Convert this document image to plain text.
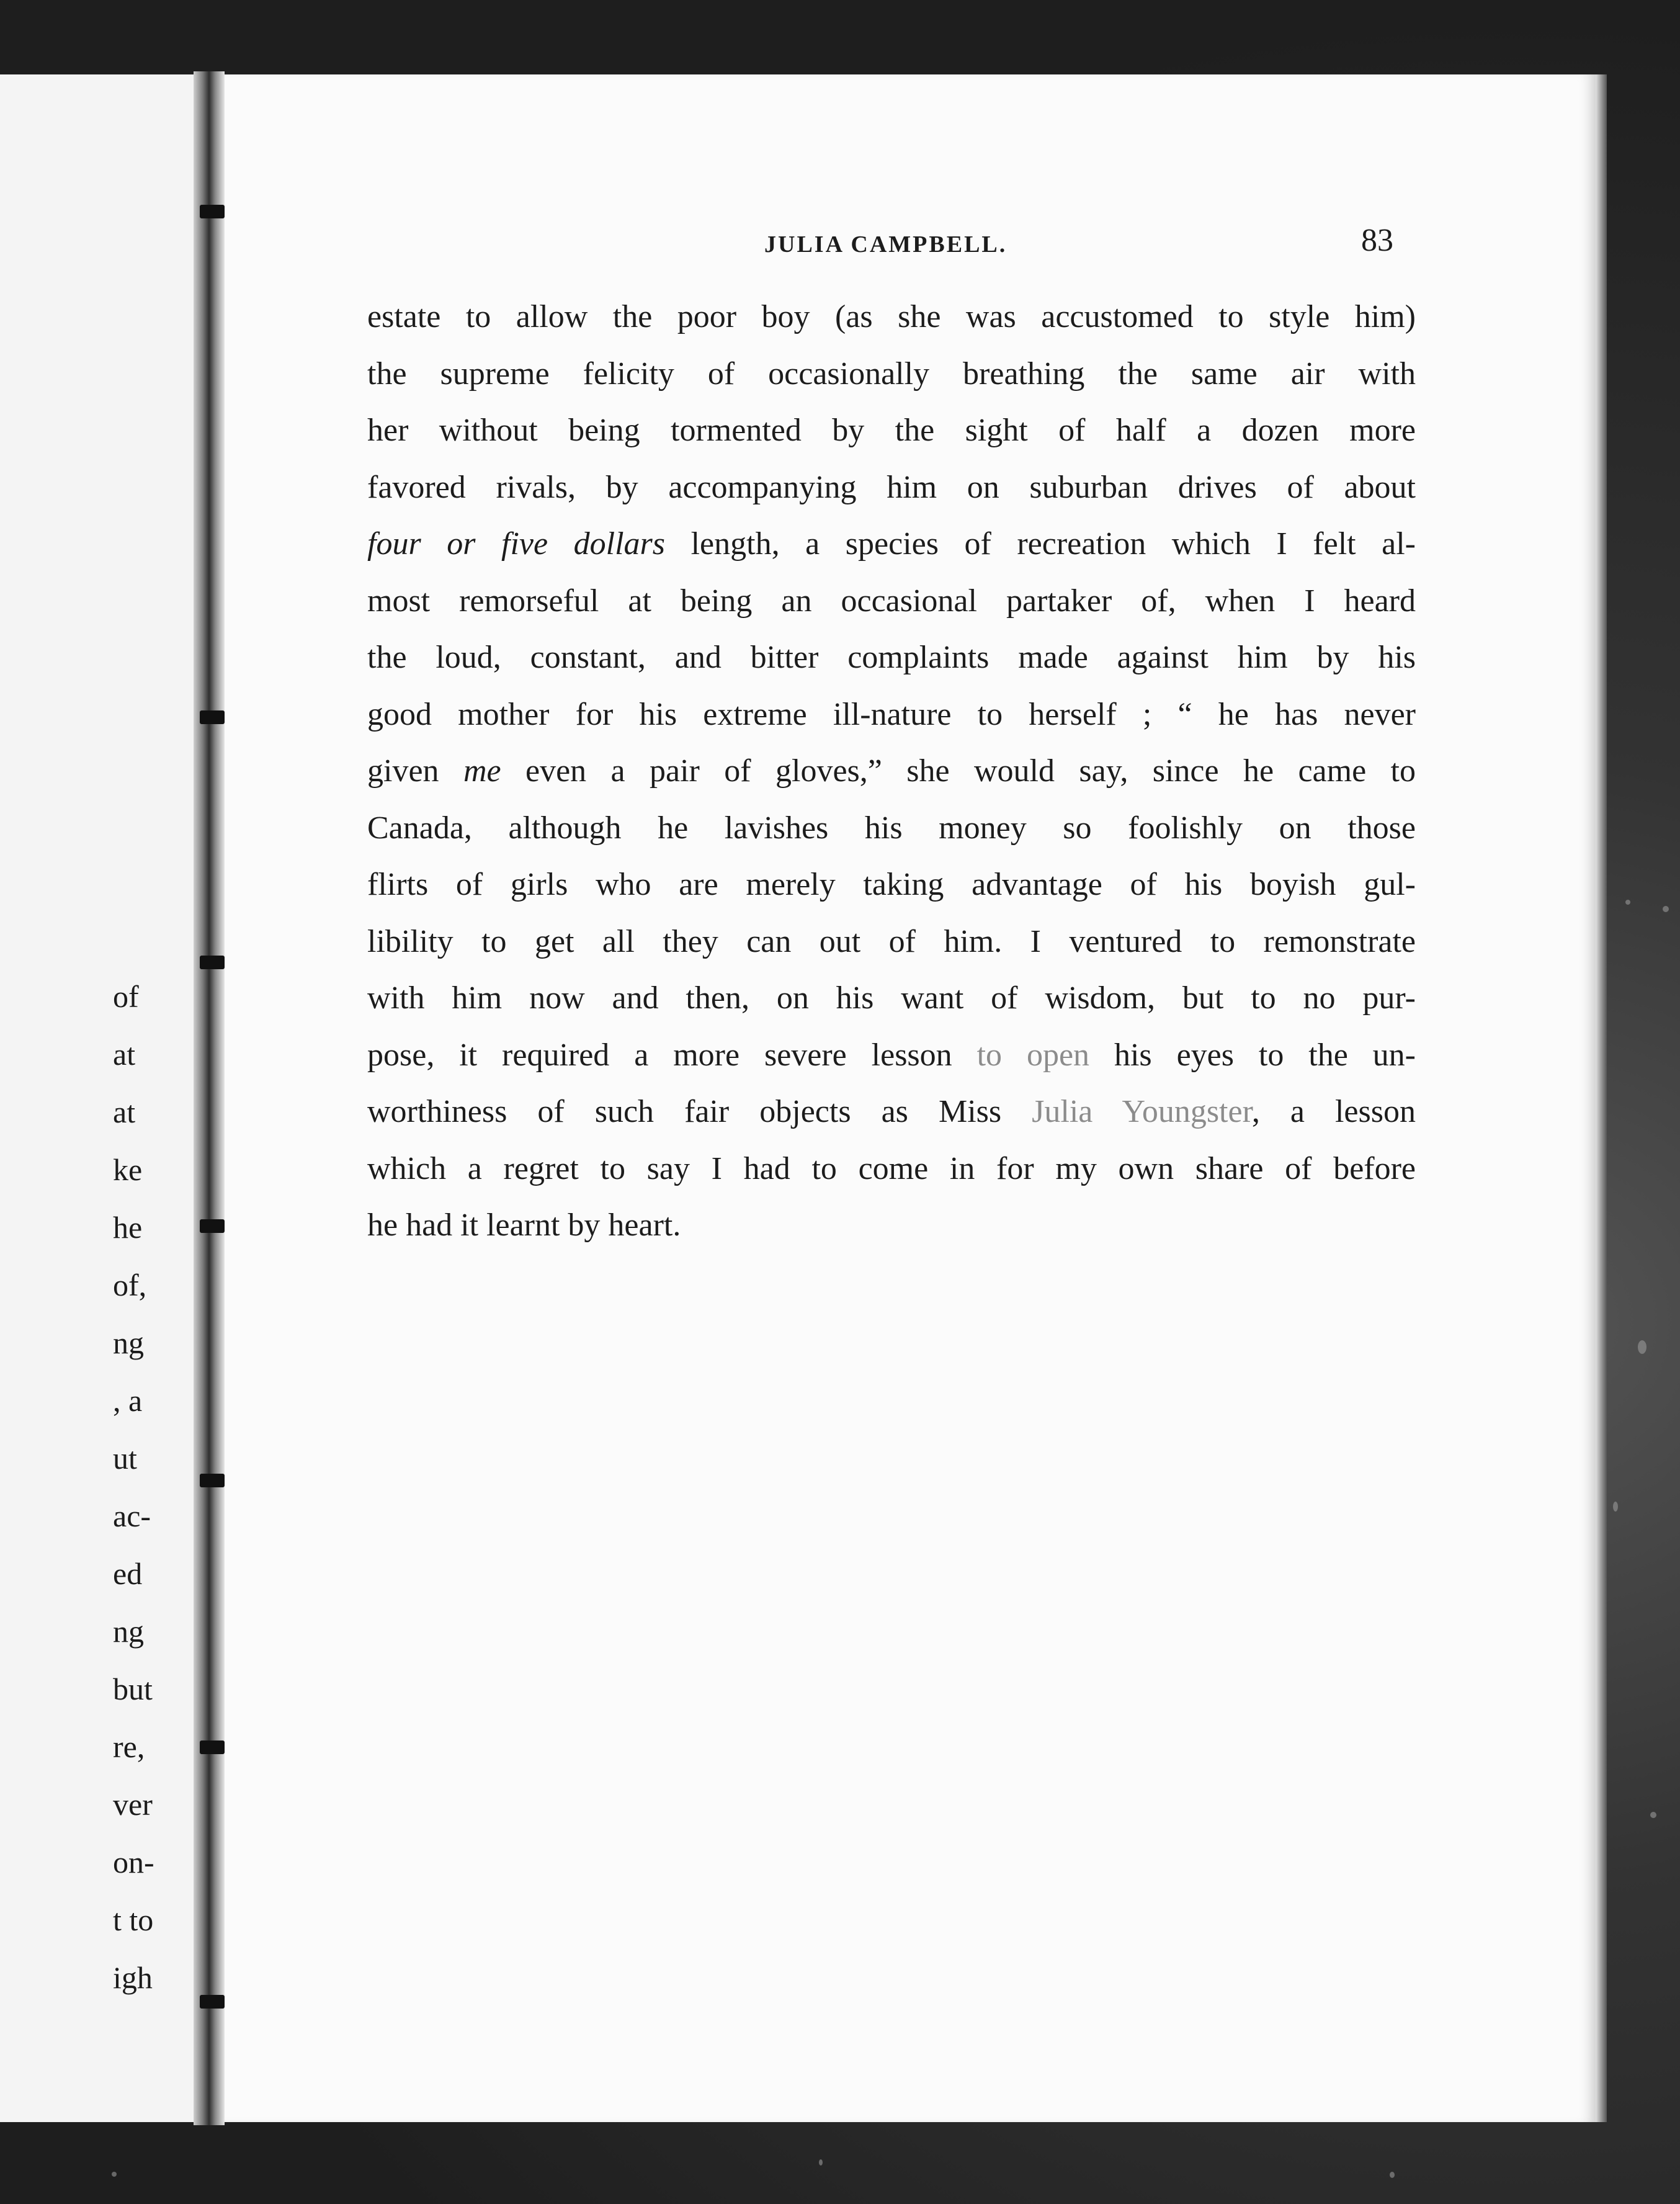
of
at
at
ke
he
of,
ng
, a
ut
ac-
ed
ng
but
re,
ver
on-
t to
igh
JULIA CAMPBELL.	83
estate to allow the poor boy (as she was accustomed to style him)
the supreme felicity of occasionally breathing the same air with
her without being tormented by the sight of half a dozen more
favored rivals, by accompanying him on suburban drives of about
four or five dollars length, a species of recreation which I felt al-
most remorseful at being an occasional partaker of, when I heard
the loud, constant, and bitter complaints made against him by his
good mother for his extreme ill-nature to herself ; “ he has never
given me even a pair of gloves,” she would say, since he came to
Canada, although he lavishes his money so foolishly on those
flirts of girls who are merely taking advantage of his boyish gul-
libility to get all they can out of him. I ventured to remonstrate
with him now and then, on his want of wisdom, but to no pur-
pose, it required a more severe lesson to open his eyes to the un-
worthiness of such fair objects as Miss Julia Youngster, a lesson
which a regret to say I had to come in for my own share of before
he had it learnt by heart.
